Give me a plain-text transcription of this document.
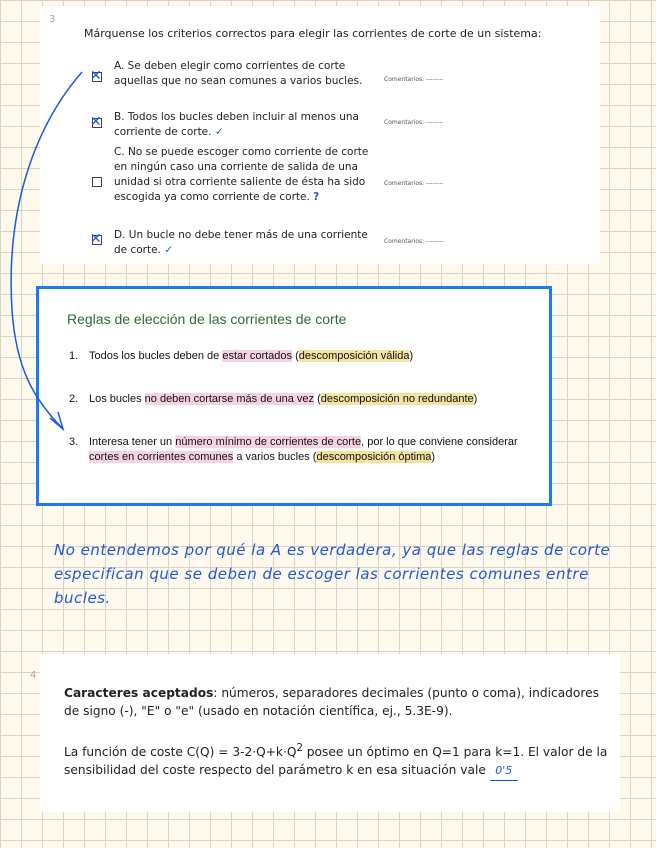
3
Márquense los criterios correctos para elegir las corrientes de corte de un sistema:
✕
A. Se deben elegir como corrientes de corte aquellas que no sean comunes a varios bucles.	Comentarios: --------
✕ B. Todos los bucles deben incluir al menos una corriente de corte. ✓
Comentarios: --------
C. No se puede escoger como corriente de corte en ningún caso una corriente de salida de una unidad si otra corriente saliente de ésta ha sido escogida ya como corriente de corte. ?
Comentarios: --------
✕ D. Un bucle no debe tener más de una corriente de corte. ✓
Comentarios: --------
Reglas de elección de las corrientes de corte
1. Todos los bucles deben de estar cortados (descomposición válida)
2. Los bucles no deben cortarse más de una vez (descomposición no redundante)
3. Interesa tener un número mínimo de corrientes de corte, por lo que conviene considerar cortes en corrientes comunes a varios bucles (descomposición óptima)
No entendemos por qué la A es verdadera, ya que las reglas de corte especifican que se deben de escoger las corrientes comunes entre bucles.
4
Caracteres aceptados: números, separadores decimales (punto o coma), indicadores de signo (-), "E" o "e" (usado en notación científica, ej., 5.3E-9).
La función de coste $C(Q) = 3-2\cdot Q+k\cdot Q^2$ posee un óptimo en Q=1 para k=1. El valor de la sensibilidad del coste respecto del parámetro k en esa situación vale 0'5
